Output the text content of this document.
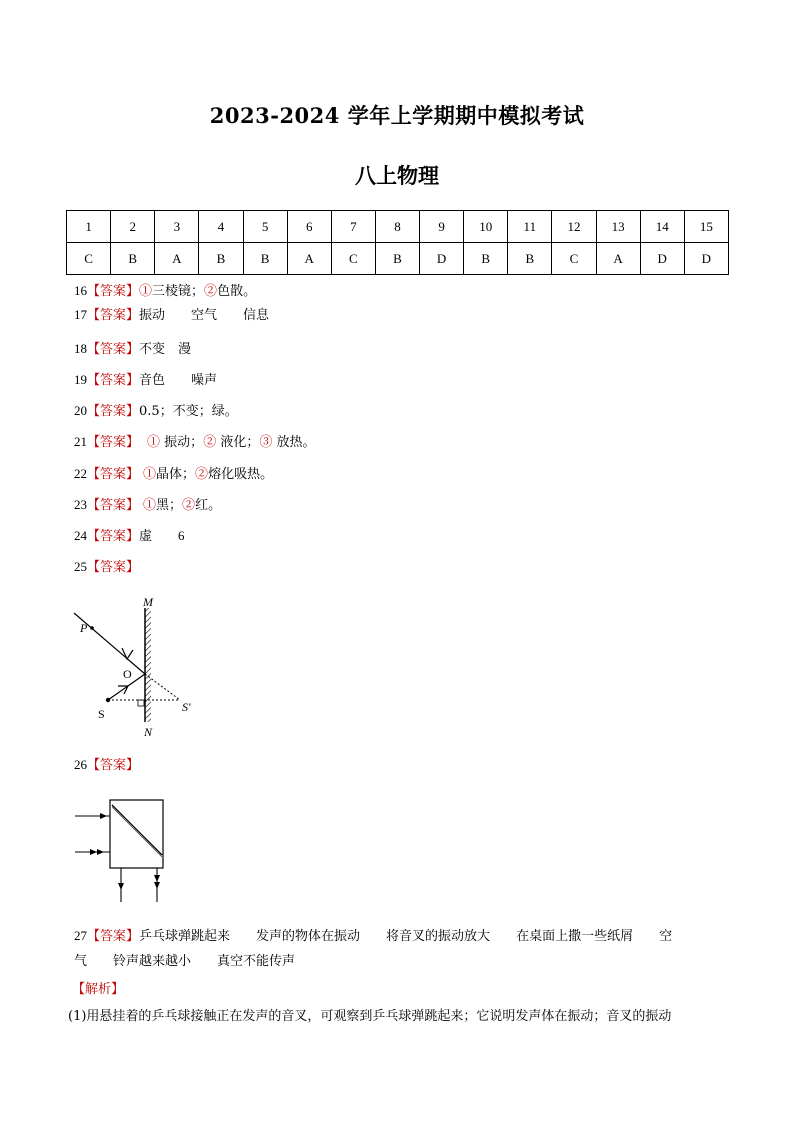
2023-2024 学年上学期期中模拟考试
八上物理
1	2	3	4	5	6	7	8	9	10	11	12	13	14	15
C	B	A	B	B	A	C	B	D	B	B	C	A	D	D
16【答案】①三棱镜；②色散。
17【答案】振动 空气 信息
18【答案】不变 漫
19【答案】音色 噪声
20【答案】0.5；不变；绿。
21【答案】 ① 振动；② 液化；③ 放热。
22【答案】 ①晶体；②熔化吸热。
23【答案】 ①黑；②红。
24【答案】虚 6
25【答案】
M
N
P
O
S	S'
26【答案】
27【答案】乒乓球弹跳起来 发声的物体在振动 将音叉的振动放大 在桌面上撒一些纸屑 空
气 铃声越来越小 真空不能传声
【解析】
(1)用悬挂着的乒乓球接触正在发声的音叉，可观察到乒乓球弹跳起来；它说明发声体在振动；音叉的振动
